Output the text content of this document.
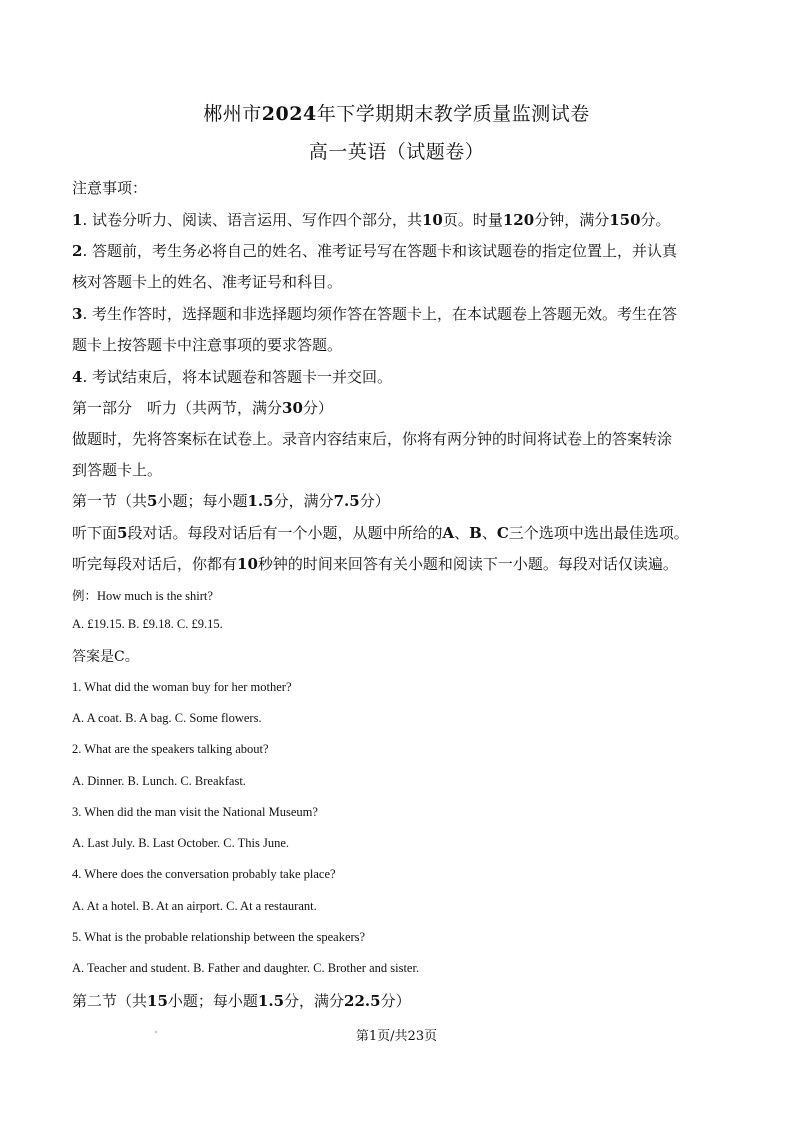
郴州市2024年下学期期末教学质量监测试卷
高一英语（试题卷）
注意事项：
1. 试卷分听力、阅读、语言运用、写作四个部分，共10页。时量120分钟，满分150分。
2. 答题前，考生务必将自己的姓名、准考证号写在答题卡和该试题卷的指定位置上，并认真
核对答题卡上的姓名、准考证号和科目。
3. 考生作答时，选择题和非选择题均须作答在答题卡上，在本试题卷上答题无效。考生在答
题卡上按答题卡中注意事项的要求答题。
4. 考试结束后，将本试题卷和答题卡一并交回。
第一部分　听力（共两节，满分30分）
做题时，先将答案标在试卷上。录音内容结束后，你将有两分钟的时间将试卷上的答案转涂
到答题卡上。
第一节（共5小题；每小题1.5分，满分7.5分）
听下面5段对话。每段对话后有一个小题，从题中所给的A、B、C三个选项中选出最佳选项。
听完每段对话后，你都有10秒钟的时间来回答有关小题和阅读下一小题。每段对话仅读遍。
例：How much is the shirt?
A. £19.15. B. £9.18. C. £9.15.
答案是C。
1. What did the woman buy for her mother?
A. A coat. B. A bag. C. Some flowers.
2. What are the speakers talking about?
A. Dinner. B. Lunch. C. Breakfast.
3. When did the man visit the National Museum?
A. Last July. B. Last October. C. This June.
4. Where does the conversation probably take place?
A. At a hotel. B. At an airport. C. At a restaurant.
5. What is the probable relationship between the speakers?
A. Teacher and student. B. Father and daughter. C. Brother and sister.
第二节（共15小题；每小题1.5分，满分22.5分）
第1页/共23页
